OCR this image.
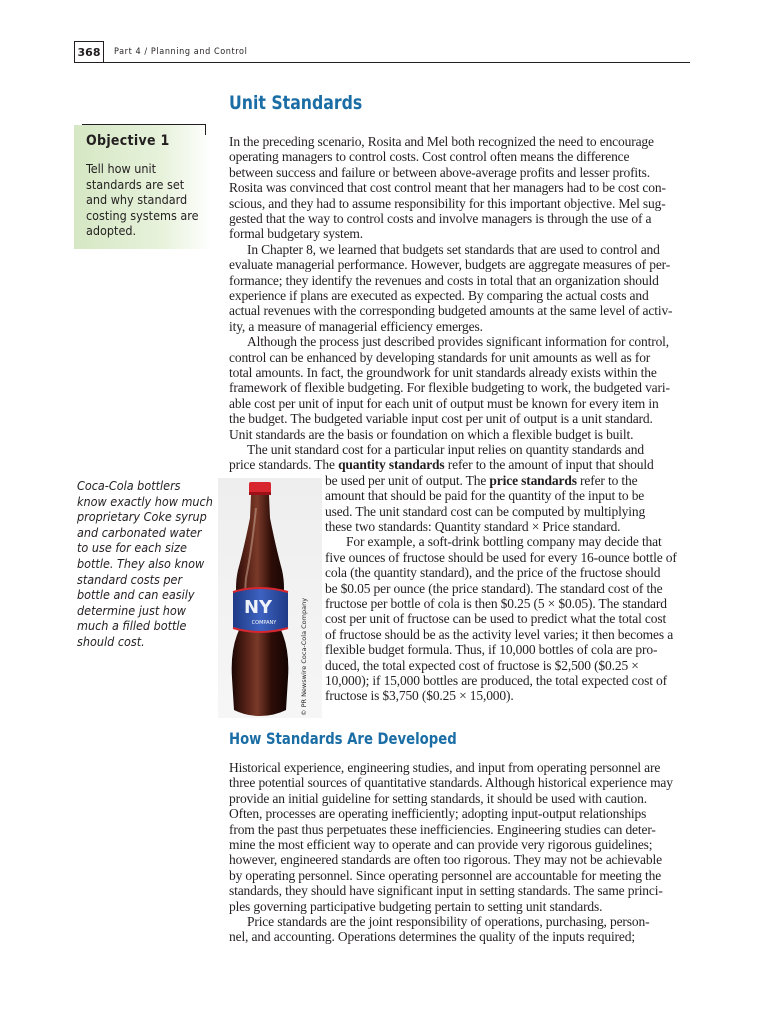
368	Part 4 / Planning and Control
Unit Standards
Objective 1
Tell how unit standards are set and why standard costing systems are adopted.
In the preceding scenario, Rosita and Mel both recognized the need to encourage
operating managers to control costs. Cost control often means the difference
between success and failure or between above-average profits and lesser profits.
Rosita was convinced that cost control meant that her managers had to be cost con-
scious, and they had to assume responsibility for this important objective. Mel sug-
gested that the way to control costs and involve managers is through the use of a
formal budgetary system.
In Chapter 8, we learned that budgets set standards that are used to control and
evaluate managerial performance. However, budgets are aggregate measures of per-
formance; they identify the revenues and costs in total that an organization should
experience if plans are executed as expected. By comparing the actual costs and
actual revenues with the corresponding budgeted amounts at the same level of activ-
ity, a measure of managerial efficiency emerges.
Although the process just described provides significant information for control,
control can be enhanced by developing standards for unit amounts as well as for
total amounts. In fact, the groundwork for unit standards already exists within the
framework of flexible budgeting. For flexible budgeting to work, the budgeted vari-
able cost per unit of input for each unit of output must be known for every item in
the budget. The budgeted variable input cost per unit of output is a unit standard.
Unit standards are the basis or foundation on which a flexible budget is built.
The unit standard cost for a particular input relies on quantity standards and
price standards. The quantity standards refer to the amount of input that should
be used per unit of output. The price standards refer to the
amount that should be paid for the quantity of the input to be
used. The unit standard cost can be computed by multiplying
these two standards: Quantity standard × Price standard.
For example, a soft-drink bottling company may decide that
five ounces of fructose should be used for every 16-ounce bottle of
cola (the quantity standard), and the price of the fructose should
be $0.05 per ounce (the price standard). The standard cost of the
fructose per bottle of cola is then $0.25 (5 × $0.05). The standard
cost per unit of fructose can be used to predict what the total cost
of fructose should be as the activity level varies; it then becomes a
flexible budget formula. Thus, if 10,000 bottles of cola are pro-
duced, the total expected cost of fructose is $2,500 ($0.25 ×
10,000); if 15,000 bottles are produced, the total expected cost of
fructose is $3,750 ($0.25 × 15,000).
Coca-Cola bottlers know exactly how much proprietary Coke syrup and carbonated water to use for each size bottle. They also know standard costs per bottle and can easily determine just how much a filled bottle should cost.
NY
COMPANY	© PR Newswire Coca-Cola Company
How Standards Are Developed
Historical experience, engineering studies, and input from operating personnel are
three potential sources of quantitative standards. Although historical experience may
provide an initial guideline for setting standards, it should be used with caution.
Often, processes are operating inefficiently; adopting input-output relationships
from the past thus perpetuates these inefficiencies. Engineering studies can deter-
mine the most efficient way to operate and can provide very rigorous guidelines;
however, engineered standards are often too rigorous. They may not be achievable
by operating personnel. Since operating personnel are accountable for meeting the
standards, they should have significant input in setting standards. The same princi-
ples governing participative budgeting pertain to setting unit standards.
Price standards are the joint responsibility of operations, purchasing, person-
nel, and accounting. Operations determines the quality of the inputs required;
